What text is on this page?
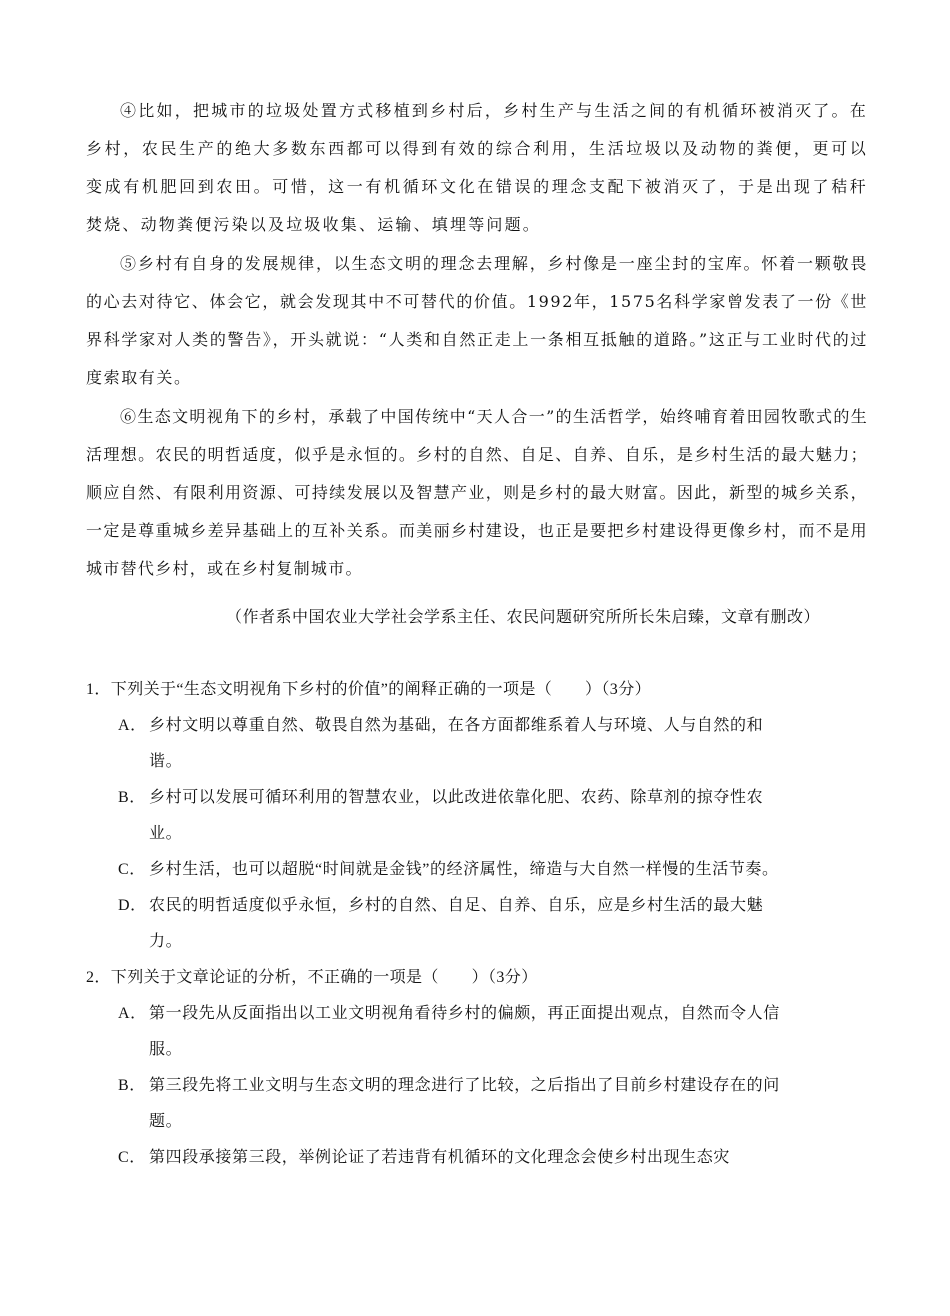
④比如，把城市的垃圾处置方式移植到乡村后，乡村生产与生活之间的有机循环被消灭了。在乡村，农民生产的绝大多数东西都可以得到有效的综合利用，生活垃圾以及动物的粪便，更可以变成有机肥回到农田。可惜，这一有机循环文化在错误的理念支配下被消灭了，于是出现了秸秆焚烧、动物粪便污染以及垃圾收集、运输、填埋等问题。

⑤乡村有自身的发展规律，以生态文明的理念去理解，乡村像是一座尘封的宝库。怀着一颗敬畏的心去对待它、体会它，就会发现其中不可替代的价值。1992年，1575名科学家曾发表了一份《世界科学家对人类的警告》，开头就说：“人类和自然正走上一条相互抵触的道路。”这正与工业时代的过度索取有关。

⑥生态文明视角下的乡村，承载了中国传统中“天人合一”的生活哲学，始终哺育着田园牧歌式的生活理想。农民的明哲适度，似乎是永恒的。乡村的自然、自足、自养、自乐，是乡村生活的最大魅力；顺应自然、有限利用资源、可持续发展以及智慧产业，则是乡村的最大财富。因此，新型的城乡关系，一定是尊重城乡差异基础上的互补关系。而美丽乡村建设，也正是要把乡村建设得更像乡村，而不是用城市替代乡村，或在乡村复制城市。

（作者系中国农业大学社会学系主任、农民问题研究所所长朱启臻，文章有删改）
1．下列关于“生态文明视角下乡村的价值”的阐释正确的一项是（　　）（3分）
A． 乡村文明以尊重自然、敬畏自然为基础，在各方面都维系着人与环境、人与自然的和谐。
B． 乡村可以发展可循环利用的智慧农业，以此改进依靠化肥、农药、除草剂的掠夺性农业。
C． 乡村生活，也可以超脱“时间就是金钱”的经济属性，缔造与大自然一样慢的生活节奏。
D． 农民的明哲适度似乎永恒，乡村的自然、自足、自养、自乐，应是乡村生活的最大魅力。
2．下列关于文章论证的分析，不正确的一项是（　　）（3分）
A． 第一段先从反面指出以工业文明视角看待乡村的偏颇，再正面提出观点，自然而令人信服。
B． 第三段先将工业文明与生态文明的理念进行了比较，之后指出了目前乡村建设存在的问题。
C． 第四段承接第三段，举例论证了若违背有机循环的文化理念会使乡村出现生态灾
